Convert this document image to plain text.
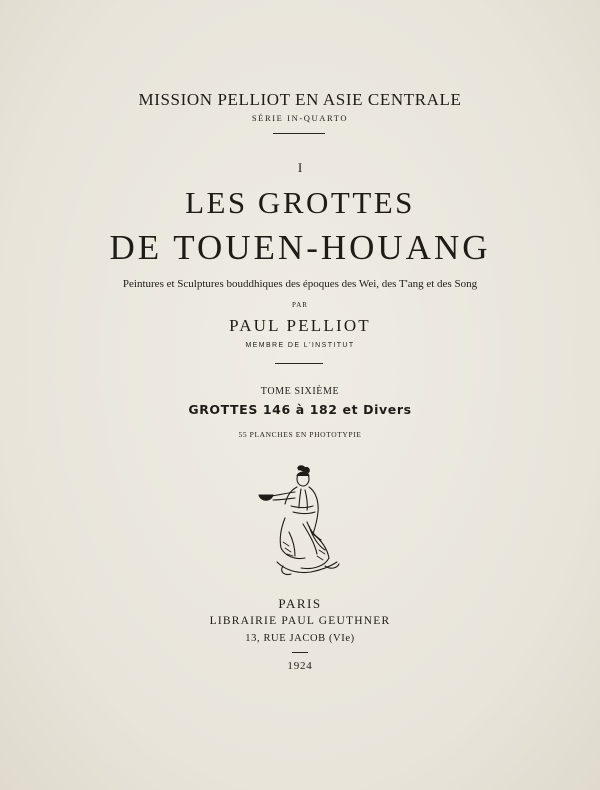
MISSION PELLIOT EN ASIE CENTRALE
SÉRIE IN-QUARTO
I
LES GROTTES
DE TOUEN-HOUANG
Peintures et Sculptures bouddhiques des époques des Wei, des T'ang et des Song
PAR
PAUL PELLIOT
MEMBRE DE L'INSTITUT
TOME SIXIÈME
GROTTES 146 à 182 et Divers
55 PLANCHES EN PHOTOTYPIE
PARIS
LIBRAIRIE PAUL GEUTHNER
13, RUE JACOB (VIe)
1924
